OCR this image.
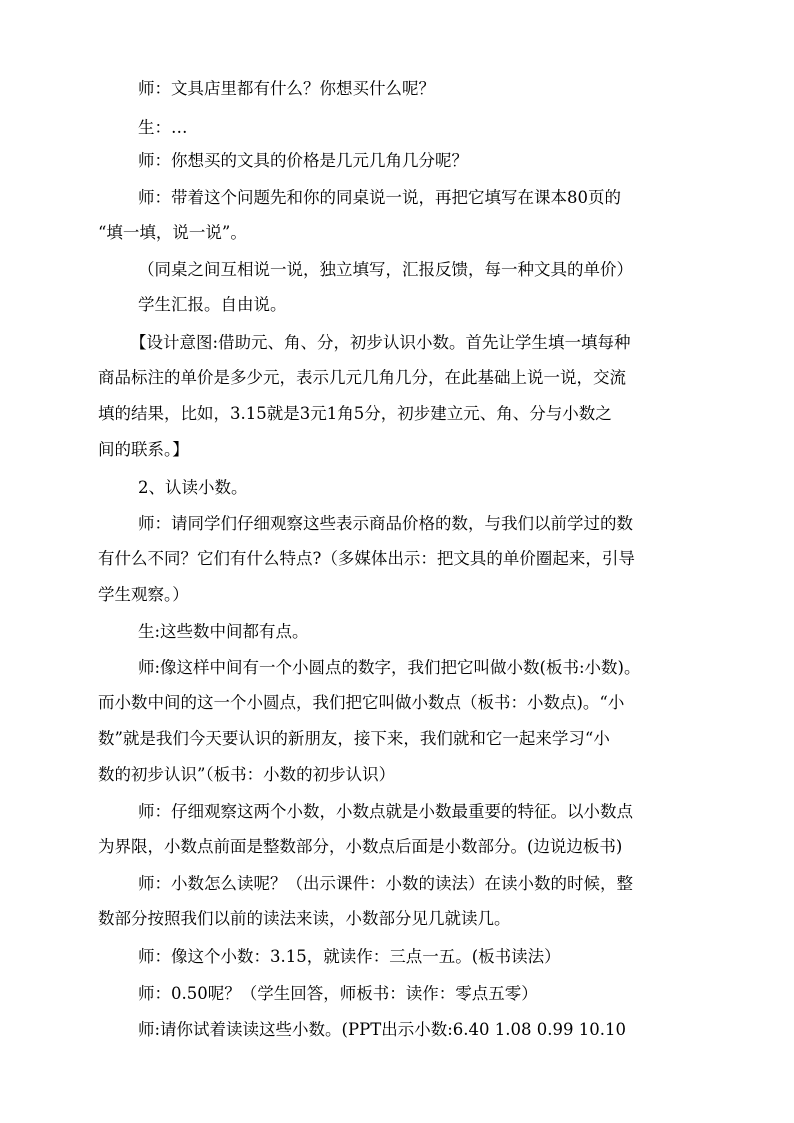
师：文具店里都有什么？你想买什么呢？
生：…
师：你想买的文具的价格是几元几角几分呢？
师：带着这个问题先和你的同桌说一说，再把它填写在课本80页的
“填一填，说一说”。
（同桌之间互相说一说，独立填写，汇报反馈，每一种文具的单价）
学生汇报。自由说。
【设计意图:借助元、角、分，初步认识小数。首先让学生填一填每种
商品标注的单价是多少元，表示几元几角几分，在此基础上说一说，交流
填的结果，比如，3.15就是3元1角5分，初步建立元、角、分与小数之
间的联系。】
2、认读小数。
师：请同学们仔细观察这些表示商品价格的数，与我们以前学过的数
有什么不同？它们有什么特点?（多媒体出示：把文具的单价圈起来，引导
学生观察。）
生:这些数中间都有点。
师:像这样中间有一个小圆点的数字，我们把它叫做小数(板书:小数)。
而小数中间的这一个小圆点，我们把它叫做小数点（板书：小数点)。“小
数”就是我们今天要认识的新朋友，接下来，我们就和它一起来学习“小
数的初步认识”（板书：小数的初步认识）
师：仔细观察这两个小数，小数点就是小数最重要的特征。以小数点
为界限，小数点前面是整数部分，小数点后面是小数部分。(边说边板书)
师：小数怎么读呢？（出示课件：小数的读法）在读小数的时候，整
数部分按照我们以前的读法来读，小数部分见几就读几。
师：像这个小数：3.15，就读作：三点一五。(板书读法）
师：0.50呢？（学生回答，师板书：读作：零点五零）
师:请你试着读读这些小数。(PPT出示小数:6.40 1.08 0.99 10.10
